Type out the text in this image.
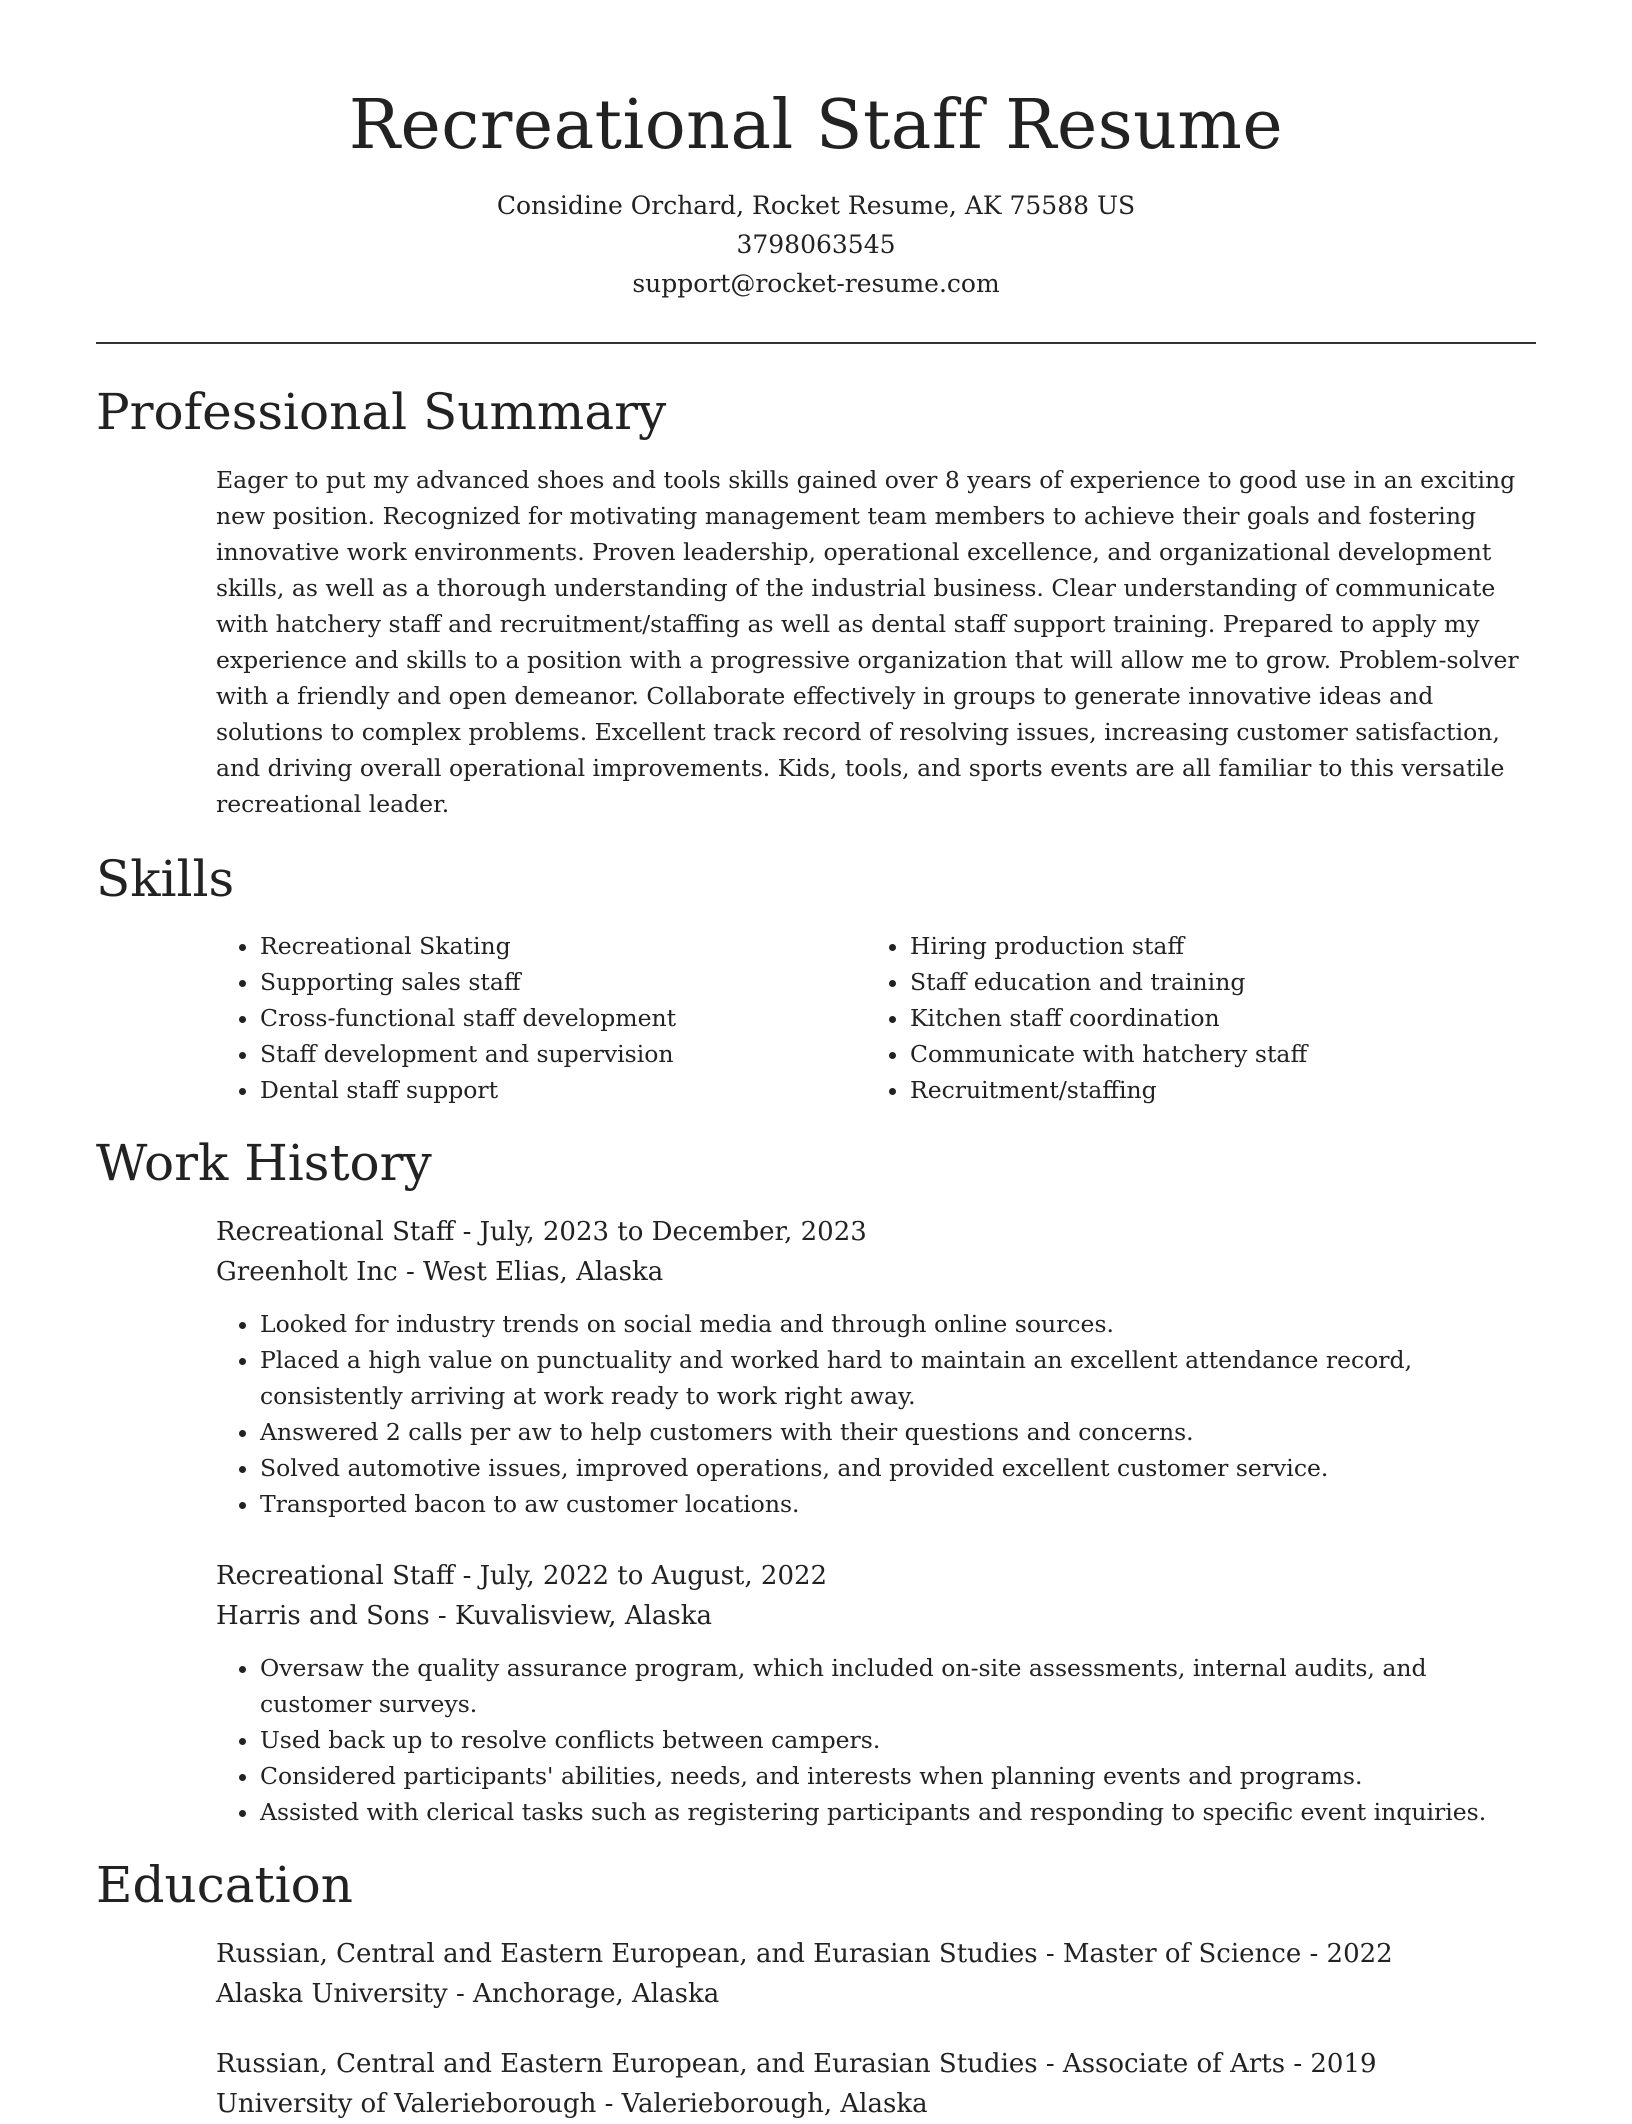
Recreational Staff Resume
Considine Orchard, Rocket Resume, AK 75588 US
3798063545
support@rocket-resume.com
Professional Summary

Eager to put my advanced shoes and tools skills gained over 8 years of experience to good use in an exciting new position. Recognized for motivating management team members to achieve their goals and fostering innovative work environments. Proven leadership, operational excellence, and organizational development skills, as well as a thorough understanding of the industrial business. Clear understanding of communicate with hatchery staff and recruitment/staffing as well as dental staff support training. Prepared to apply my experience and skills to a position with a progressive organization that will allow me to grow. Problem-solver with a friendly and open demeanor. Collaborate effectively in groups to generate innovative ideas and solutions to complex problems. Excellent track record of resolving issues, increasing customer satisfaction, and driving overall operational improvements. Kids, tools, and sports events are all familiar to this versatile recreational leader.

Skills
• Recreational Skating
• Supporting sales staff
• Cross-functional staff development
• Staff development and supervision
• Dental staff support
• Hiring production staff
• Staff education and training
• Kitchen staff coordination
• Communicate with hatchery staff
• Recruitment/staffing
Work History
Recreational Staff - July, 2023 to December, 2023
Greenholt Inc - West Elias, Alaska
• Looked for industry trends on social media and through online sources.
• Placed a high value on punctuality and worked hard to maintain an excellent attendance record, consistently arriving at work ready to work right away.
• Answered 2 calls per aw to help customers with their questions and concerns.
• Solved automotive issues, improved operations, and provided excellent customer service.
• Transported bacon to aw customer locations.
Recreational Staff - July, 2022 to August, 2022
Harris and Sons - Kuvalisview, Alaska
• Oversaw the quality assurance program, which included on-site assessments, internal audits, and customer surveys.
• Used back up to resolve conflicts between campers.
• Considered participants' abilities, needs, and interests when planning events and programs.
• Assisted with clerical tasks such as registering participants and responding to specific event inquiries.
Education
Russian, Central and Eastern European, and Eurasian Studies - Master of Science - 2022
Alaska University - Anchorage, Alaska
Russian, Central and Eastern European, and Eurasian Studies - Associate of Arts - 2019
University of Valerieborough - Valerieborough, Alaska
